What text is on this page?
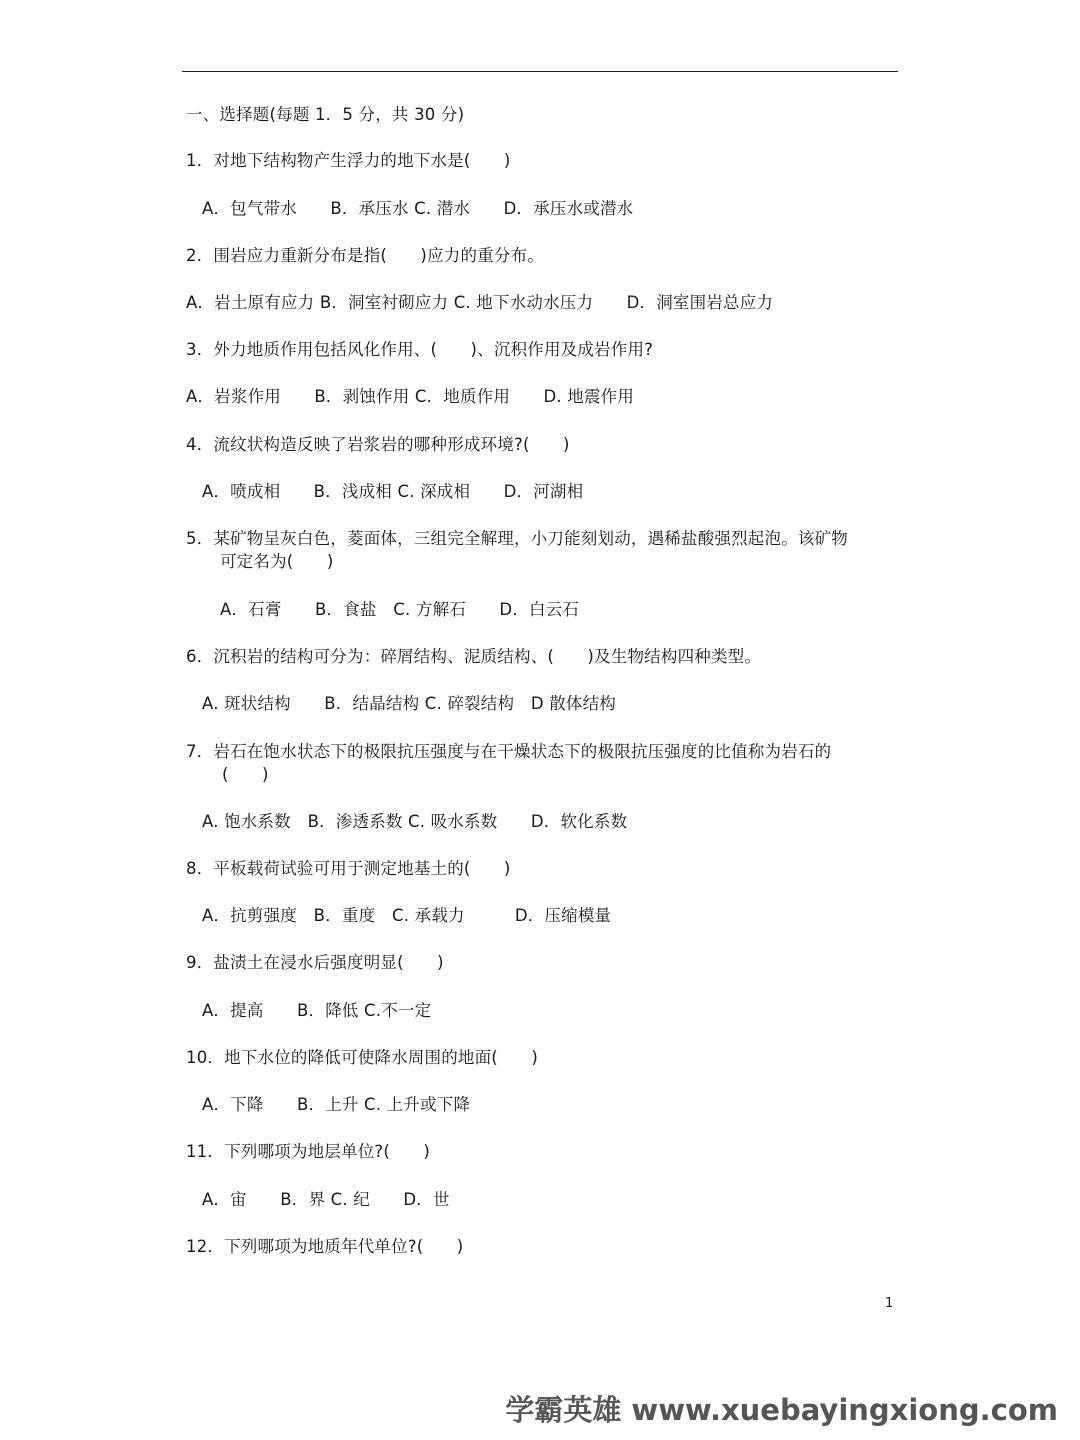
一、选择题(每题 1．5 分，共 30 分)
1．对地下结构物产生浮力的地下水是(　　)
A．包气带水　　B．承压水 C. 潜水　　D．承压水或潜水
2．围岩应力重新分布是指(　　)应力的重分布。
A．岩土原有应力 B．洞室衬砌应力 C. 地下水动水压力　　D．洞室围岩总应力
3．外力地质作用包括风化作用、(　　)、沉积作用及成岩作用?
A．岩浆作用　　B．剥蚀作用 C．地质作用　　D. 地震作用
4．流纹状构造反映了岩浆岩的哪种形成环境?(　　)
A．喷成相　　B．浅成相 C. 深成相　　D．河湖相
5．某矿物呈灰白色，菱面体，三组完全解理，小刀能刻划动，遇稀盐酸强烈起泡。该矿物
可定名为(　　)
A．石膏　　B．食盐　C. 方解石　　D．白云石
6．沉积岩的结构可分为：碎屑结构、泥质结构、(　　)及生物结构四种类型。
A. 斑状结构　　B．结晶结构 C. 碎裂结构　D 散体结构
7．岩石在饱水状态下的极限抗压强度与在干燥状态下的极限抗压强度的比值称为岩石的
(　　)
A. 饱水系数　B．渗透系数 C. 吸水系数　　D．软化系数
8．平板载荷试验可用于测定地基土的(　　)
A．抗剪强度　B．重度　C. 承载力　　　D．压缩模量
9．盐渍土在浸水后强度明显(　　)
A．提高　　B．降低 C.不一定
10．地下水位的降低可使降水周围的地面(　　)
A．下降　　B．上升 C. 上升或下降
11．下列哪项为地层单位?(　　)
A．宙　　B．界 C. 纪　　D．世
12．下列哪项为地质年代单位?(　　)
1
学霸英雄 www.xuebayingxiong.com
